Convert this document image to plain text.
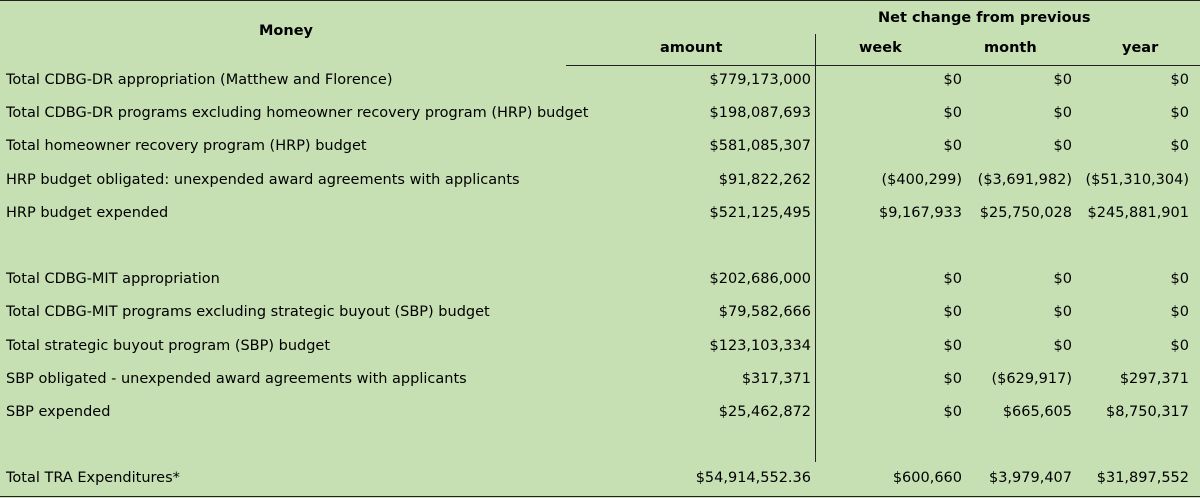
Money
Net change from previous
amount	week	month	year
Total CDBG-DR appropriation (Matthew and Florence)	$779,173,000	$0	$0	$0
Total CDBG-DR programs excluding homeowner recovery program (HRP) budget	$198,087,693	$0	$0	$0
Total homeowner recovery program (HRP) budget	$581,085,307	$0	$0	$0
HRP budget obligated: unexpended award agreements with applicants	$91,822,262	($400,299) ($3,691,982) ($51,310,304)
HRP budget expended	$521,125,495	$9,167,933 $25,750,028 $245,881,901
Total CDBG-MIT appropriation	$202,686,000	$0	$0	$0
Total CDBG-MIT programs excluding strategic buyout (SBP) budget	$79,582,666	$0	$0	$0
Total strategic buyout program (SBP) budget	$123,103,334	$0	$0	$0
SBP obligated - unexpended award agreements with applicants	$317,371	$0 ($629,917)	$297,371
SBP expended	$25,462,872	$0	$665,605 $8,750,317
Total TRA Expenditures*	$54,914,552.36	$600,660 $3,979,407 $31,897,552
